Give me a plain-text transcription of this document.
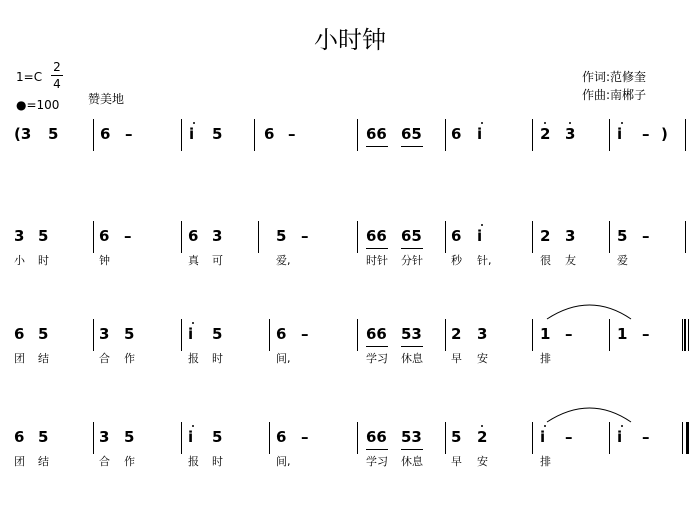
小时钟
1=C
2
4
●=100 赞美地
作词:范修奎
作曲:南郴子
(3 5	6 –	i 5	6 –	66 65 6 i	2 3	i – )
3 5	6 –	6 3	5 –	66 65 6 i	2 3	5 –
小 时	钟	真 可	爱,	时针 分针	秒 针,	很 友	爱
6 5	3 5	i 5	6 –	66 53 2 3	1 –	1 –
团 结	合 作	报 时	间,	学习 休息	早 安	排
6 5	3 5	i 5	6 –	66 53 5 2	i –	i –
团 结	合 作	报 时	间,	学习 休息	早 安	排
